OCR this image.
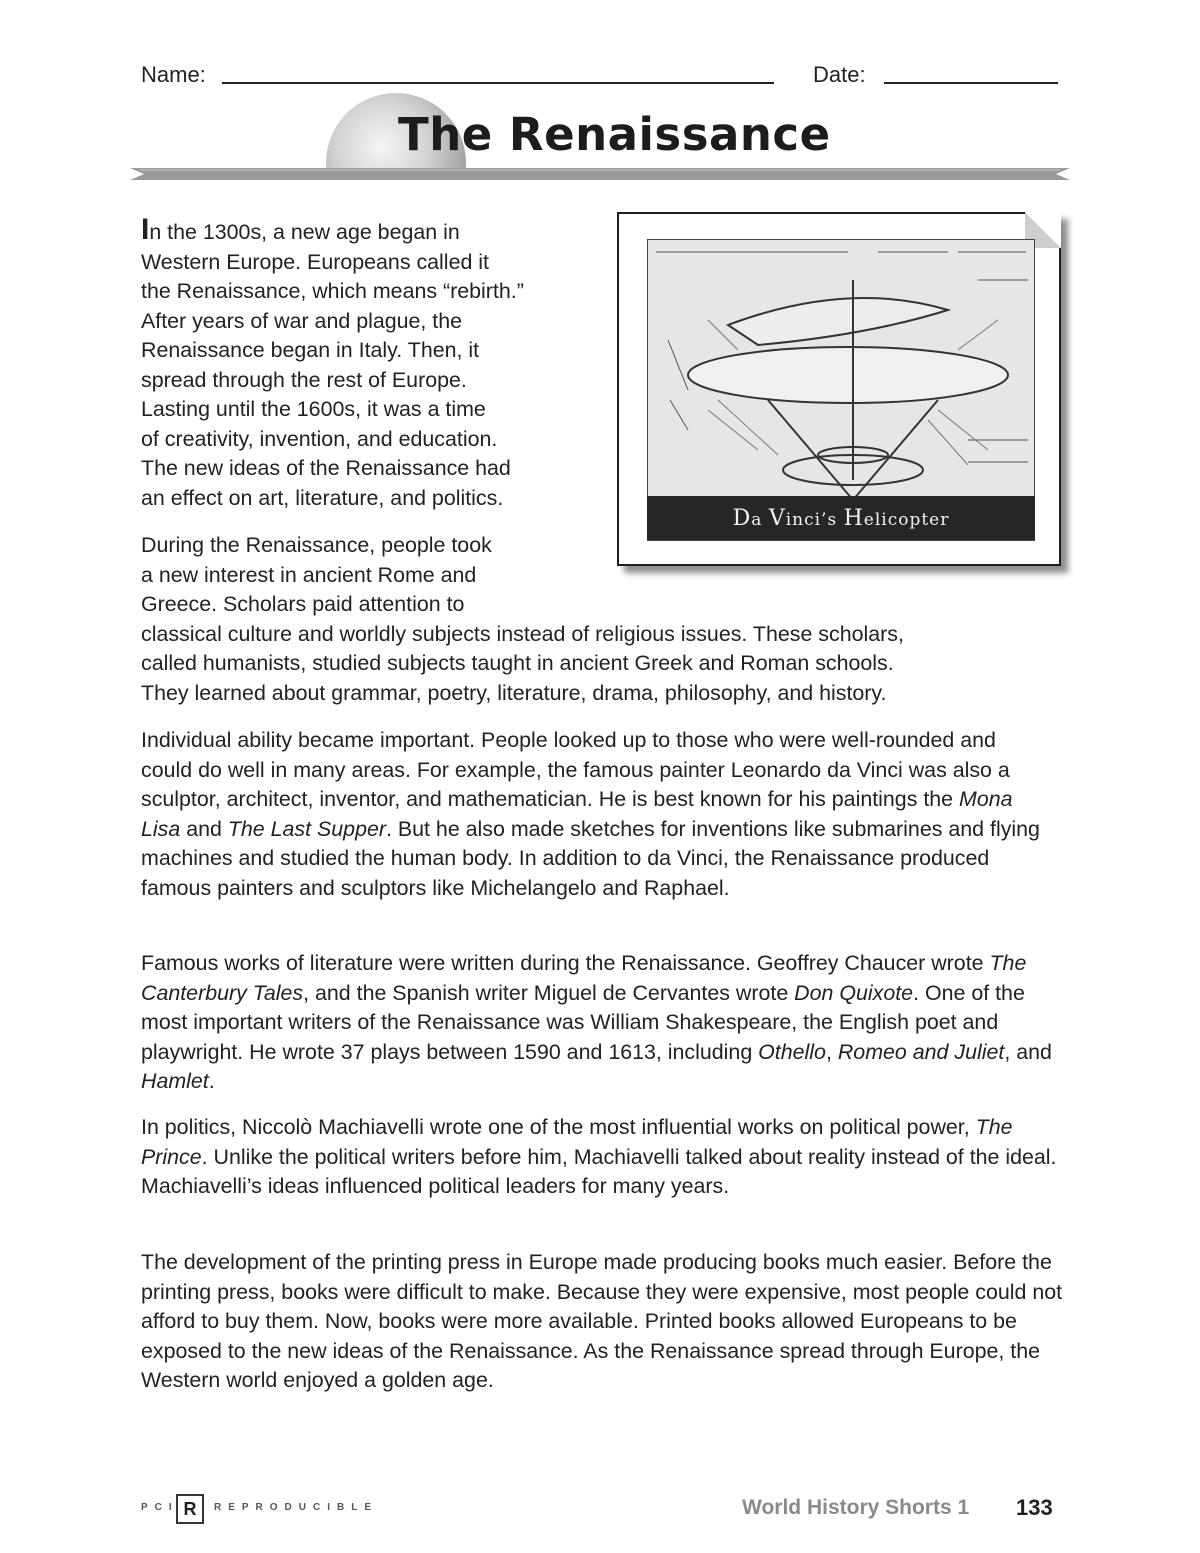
Name:	Date:
The Renaissance
In the 1300s, a new age began in
Western Europe. Europeans called it
the Renaissance, which means “rebirth.”
After years of war and plague, the
Renaissance began in Italy. Then, it
spread through the rest of Europe.
Lasting until the 1600s, it was a time
of creativity, invention, and education.
The new ideas of the Renaissance had
an effect on art, literature, and politics.
Da Vinci’s Helicopter
During the Renaissance, people took
a new interest in ancient Rome and
Greece. Scholars paid attention to
classical culture and worldly subjects instead of religious issues. These scholars,
called humanists, studied subjects taught in ancient Greek and Roman schools.
They learned about grammar, poetry, literature, drama, philosophy, and history.

Individual ability became important. People looked up to those who were well-rounded and could do well in many areas. For example, the famous painter Leonardo da Vinci was also a sculptor, architect, inventor, and mathematician. He is best known for his paintings the Mona Lisa and The Last Supper. But he also made sketches for inventions like submarines and flying machines and studied the human body. In addition to da Vinci, the Renaissance produced famous painters and sculptors like Michelangelo and Raphael.

Famous works of literature were written during the Renaissance. Geoffrey Chaucer wrote The Canterbury Tales, and the Spanish writer Miguel de Cervantes wrote Don Quixote. One of the most important writers of the Renaissance was William Shakespeare, the English poet and playwright. He wrote 37 plays between 1590 and 1613, including Othello, Romeo and Juliet, and Hamlet.

In politics, Niccolò Machiavelli wrote one of the most influential works on political power, The Prince. Unlike the political writers before him, Machiavelli talked about reality instead of the ideal. Machiavelli’s ideas influenced political leaders for many years.

The development of the printing press in Europe made producing books much easier. Before the printing press, books were difficult to make. Because they were expensive, most people could not afford to buy them. Now, books were more available. Printed books allowed Europeans to be exposed to the new ideas of the Renaissance. As the Renaissance spread through Europe, the Western world enjoyed a golden age.

PCI R	REPRODUCIBLE	World History Shorts 1 133
